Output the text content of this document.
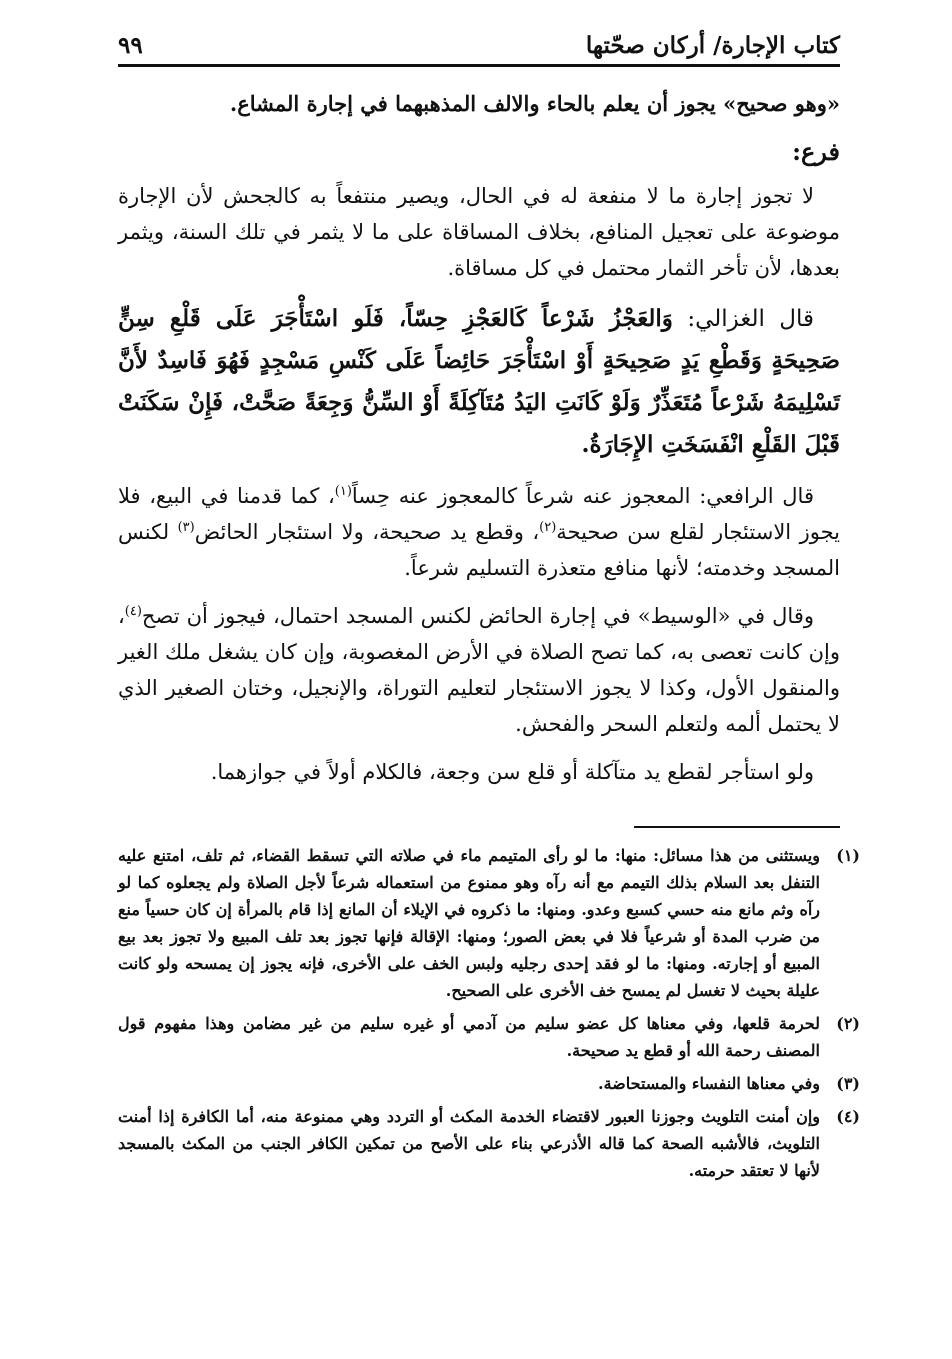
كتاب الإجارة/ أركان صحّتها
٩٩

«وهو صحيح» يجوز أن يعلم بالحاء والالف المذهبهما في إجارة المشاع.

فرع:

لا تجوز إجارة ما لا منفعة له في الحال، ويصير منتفعاً به كالجحش لأن الإجارة موضوعة على تعجيل المنافع، بخلاف المساقاة على ما لا يثمر في تلك السنة، ويثمر بعدها، لأن تأخر الثمار محتمل في كل مساقاة.

قال الغزالي: وَالعَجْزُ شَرْعاً كَالعَجْزِ حِسّاً، فَلَو اسْتَأْجَرَ عَلَى قَلْعِ سِنٍّ صَحِيحَةٍ وَقَطْعِ يَدٍ صَحِيحَةٍ أَوْ اسْتَأْجَرَ حَائِضاً عَلَى كَنْسِ مَسْجِدٍ فَهُوَ فَاسِدٌ لأَنَّ تَسْلِيمَهُ شَرْعاً مُتَعَذِّرٌ وَلَوْ كَانَتِ اليَدُ مُتَآكِلَةً أَوْ السِّنُّ وَجِعَةً صَحَّتْ، فَإِنْ سَكَنَتْ قَبْلَ القَلْعِ انْفَسَخَتِ الإِجَارَةُ.

قال الرافعي: المعجوز عنه شرعاً كالمعجوز عنه حِساً$^{(١)}$، كما قدمنا في البيع، فلا يجوز الاستئجار لقلع سن صحيحة$^{(٢)}$، وقطع يد صحيحة، ولا استئجار الحائض$^{(٣)}$ لكنس المسجد وخدمته؛ لأنها منافع متعذرة التسليم شرعاً.

وقال في «الوسيط» في إجارة الحائض لكنس المسجد احتمال، فيجوز أن تصح$^{(٤)}$، وإن كانت تعصى به، كما تصح الصلاة في الأرض المغصوبة، وإن كان يشغل ملك الغير والمنقول الأول، وكذا لا يجوز الاستئجار لتعليم التوراة، والإنجيل، وختان الصغير الذي لا يحتمل ألمه ولتعلم السحر والفحش.

ولو استأجر لقطع يد متآكلة أو قلع سن وجعة، فالكلام أولاً في جوازهما.

(١)
ويستثنى من هذا مسائل: منها: ما لو رأى المتيمم ماء في صلاته التي تسقط القضاء، ثم تلف، امتنع عليه التنفل بعد السلام بذلك التيمم مع أنه رآه وهو ممنوع من استعماله شرعاً لأجل الصلاة ولم يجعلوه كما لو رآه وثم مانع منه حسي كسبع وعدو. ومنها: ما ذكروه في الإيلاء أن المانع إذا قام بالمرأة إن كان حسياً منع من ضرب المدة أو شرعياً فلا في بعض الصور؛ ومنها: الإقالة فإنها تجوز بعد تلف المبيع ولا تجوز بعد بيع المبيع أو إجارته. ومنها: ما لو فقد إحدى رجليه ولبس الخف على الأخرى، فإنه يجوز إن يمسحه ولو كانت عليلة بحيث لا تغسل لم يمسح خف الأخرى على الصحيح.
(٢)
لحرمة قلعها، وفي معناها كل عضو سليم من آدمي أو غيره سليم من غير مضامن وهذا مفهوم قول المصنف رحمة الله أو قطع يد صحيحة.
(٣)
وفي معناها النفساء والمستحاضة.
(٤)
وإن أمنت التلويث وجوزنا العبور لاقتضاء الخدمة المكث أو التردد وهي ممنوعة منه، أما الكافرة إذا أمنت التلويث، فالأشبه الصحة كما قاله الأذرعي بناء على الأصح من تمكين الكافر الجنب من المكث بالمسجد لأنها لا تعتقد حرمته.
